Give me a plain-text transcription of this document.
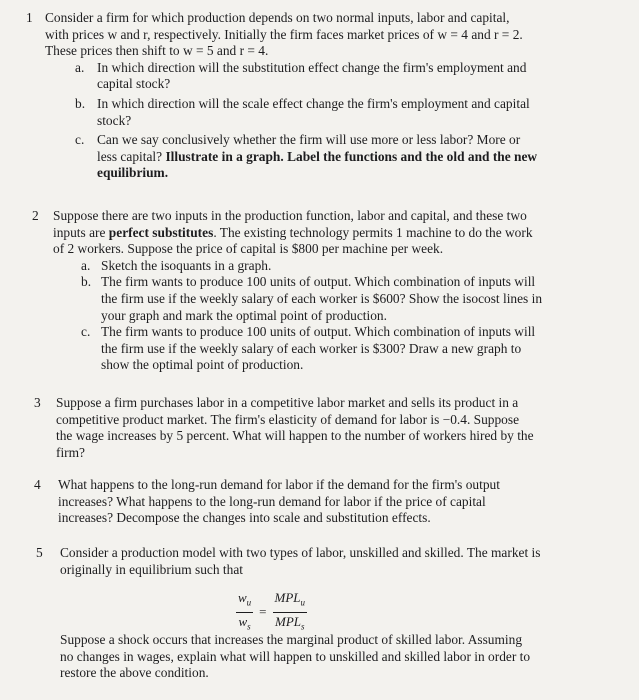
1 Consider a firm for which production depends on two normal inputs, labor and capital,
with prices w and r, respectively. Initially the firm faces market prices of w = 4 and r = 2.
These prices then shift to w = 5 and r = 4.
a. In which direction will the substitution effect change the firm's employment and
capital stock?
b. In which direction will the scale effect change the firm's employment and capital
stock?
c. Can we say conclusively whether the firm will use more or less labor? More or
less capital? Illustrate in a graph. Label the functions and the old and the new
equilibrium.
2 Suppose there are two inputs in the production function, labor and capital, and these two
inputs are perfect substitutes. The existing technology permits 1 machine to do the work
of 2 workers. Suppose the price of capital is $800 per machine per week.
a. Sketch the isoquants in a graph.
b. The firm wants to produce 100 units of output. Which combination of inputs will
the firm use if the weekly salary of each worker is $600? Show the isocost lines in
your graph and mark the optimal point of production.
c. The firm wants to produce 100 units of output. Which combination of inputs will
the firm use if the weekly salary of each worker is $300? Draw a new graph to
show the optimal point of production.
3 Suppose a firm purchases labor in a competitive labor market and sells its product in a
competitive product market. The firm's elasticity of demand for labor is −0.4. Suppose
the wage increases by 5 percent. What will happen to the number of workers hired by the
firm?
4 What happens to the long-run demand for labor if the demand for the firm's output
increases? What happens to the long-run demand for labor if the price of capital
increases? Decompose the changes into scale and substitution effects.
5 Consider a production model with two types of labor, unskilled and skilled. The market is
originally in equilibrium such that
$\frac{w_u}{w_s}$ =
$MPL_u$
$MPL_s$
Suppose a shock occurs that increases the marginal product of skilled labor. Assuming
no changes in wages, explain what will happen to unskilled and skilled labor in order to
restore the above condition.
